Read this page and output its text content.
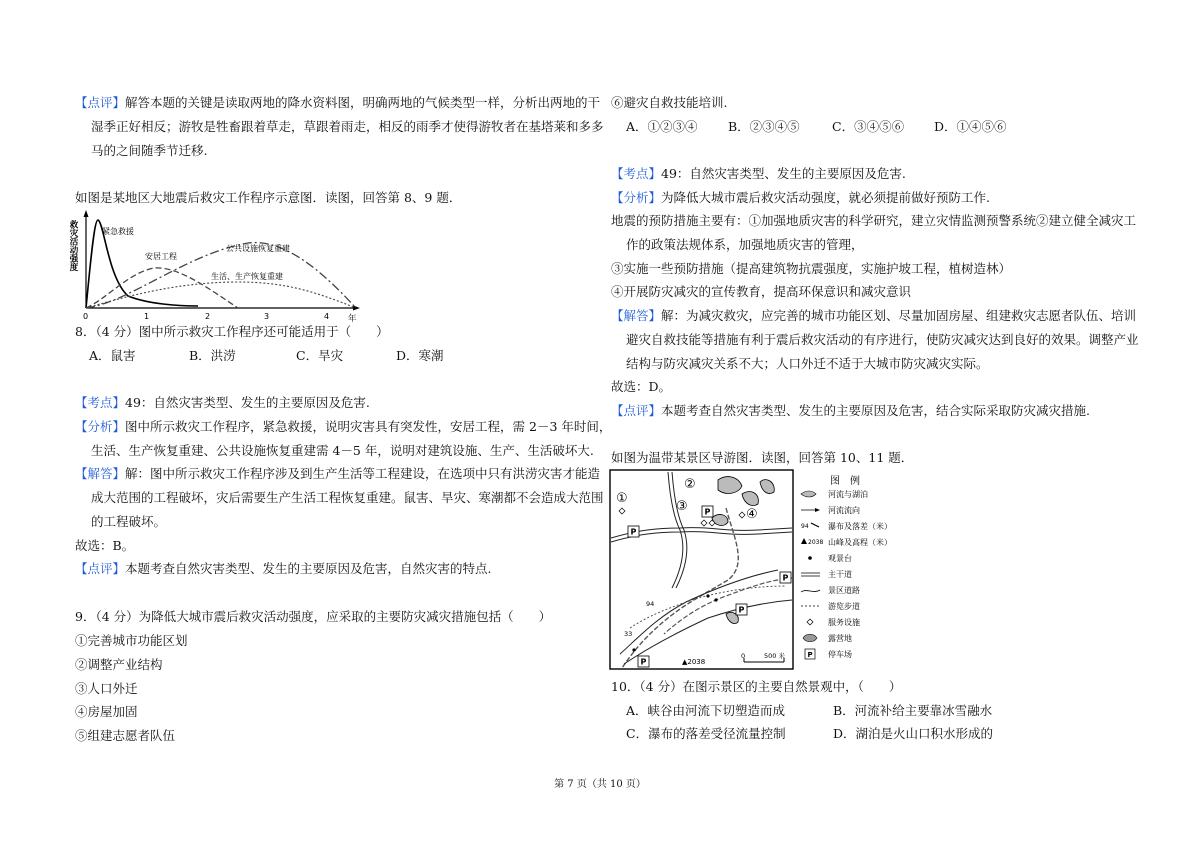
【点评】解答本题的关键是读取两地的降水资料图，明确两地的气候类型一样，分析出两地的干
湿季正好相反；游牧是牲畜跟着草走，草跟着雨走，相反的雨季才使得游牧者在基塔莱和多多
马的之间随季节迁移.
如图是某地区大地震后救灾工作程序示意图．读图，回答第 8、9 题．
救灾活动强度	紧急救援
安居工程
公共设施恢复重建
生活、生产恢复重建
0	1	2	3	4 年
8．（4 分）图中所示救灾工作程序还可能适用于（　　）
A．鼠害	B．洪涝	C．旱灾	D．寒潮
【考点】49：自然灾害类型、发生的主要原因及危害.
【分析】图中所示救灾工作程序，紧急救援，说明灾害具有突发性，安居工程，需 2－3 年时间，
生活、生产恢复重建、公共设施恢复重建需 4－5 年，说明对建筑设施、生产、生活破坏大.
【解答】解：图中所示救灾工作程序涉及到生产生活等工程建设，在选项中只有洪涝灾害才能造
成大范围的工程破坏，灾后需要生产生活工程恢复重建。鼠害、旱灾、寒潮都不会造成大范围
的工程破坏。
故选：B。
【点评】本题考查自然灾害类型、发生的主要原因及危害，自然灾害的特点.
9．（4 分）为降低大城市震后救灾活动强度，应采取的主要防灾减灾措施包括（　　）
①完善城市功能区划
②调整产业结构
③人口外迁
④房屋加固
⑤组建志愿者队伍
⑥避灾自救技能培训.
A．①②③④ B．②③④⑤	C．③④⑤⑥ D．①④⑤⑥
【考点】49：自然灾害类型、发生的主要原因及危害.
【分析】为降低大城市震后救灾活动强度，就必须提前做好预防工作.
地震的预防措施主要有：①加强地质灾害的科学研究，建立灾情监测预警系统②建立健全减灾工
作的政策法规体系，加强地质灾害的管理，
③实施一些预防措施（提高建筑物抗震强度，实施护坡工程，植树造林）
④开展防灾减灾的宣传教育，提高环保意识和减灾意识
【解答】解：为减灾救灾，应完善的城市功能区划、尽量加固房屋、组建救灾志愿者队伍、培训
避灾自救技能等措施有利于震后救灾活动的有序进行，使防灾减灾达到良好的效果。调整产业
结构与防灾减灾关系不大；人口外迁不适于大城市防灾减灾实际。
故选：D。
【点评】本题考查自然灾害类型、发生的主要原因及危害，结合实际采取防灾减灾措施.
如图为温带某景区导游图．读图，回答第 10、11 题．
P
P
P
P
P
①
②
③
④
94
33
▲2038
0	500 米
图　例
河流与湖泊
河流流向
94 瀑布及落差（米）
2038 山峰及高程（米）
观景台
主干道
景区道路
游览步道
服务设施
露营地
P 停车场
10．（4 分）在图示景区的主要自然景观中，（　　）
A．峡谷由河流下切塑造而成	B．河流补给主要靠冰雪融水
C．瀑布的落差受径流量控制	D．湖泊是火山口积水形成的
第 7 页（共 10 页）
